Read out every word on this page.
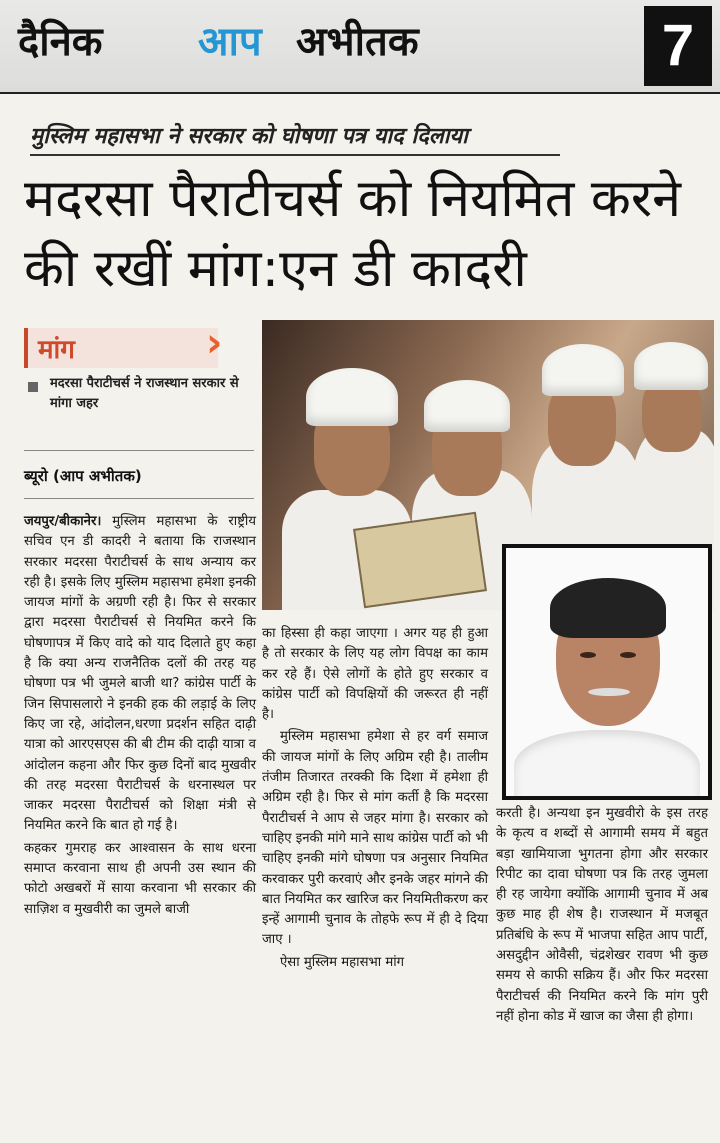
दैनिक आप अभीतक	7
मुस्लिम महासभा ने सरकार को घोषणा पत्र याद दिलाया
मदरसा पैराटीचर्स को नियमित करने
की रखीं मांग:एन डी कादरी
मांग	›
मदरसा पैराटीचर्स ने राजस्थान सरकार से मांगा जहर
ब्यूरो (आप अभीतक)

जयपुर/बीकानेर। मुस्लिम महासभा के राष्ट्रीय सचिव एन डी कादरी ने बताया कि राजस्थान सरकार मदरसा पैराटीचर्स के साथ अन्याय कर रही है। इसके लिए मुस्लिम महासभा हमेशा इनकी जायज मांगों के अग्रणी रही है। फिर से सरकार द्वारा मदरसा पैराटीचर्स से नियमित करने कि घोषणापत्र में किए वादे को याद दिलाते हुए कहा है कि क्या अन्य राजनैतिक दलों की तरह यह घोषणा पत्र भी जुमले बाजी था? कांग्रेस पार्टी के जिन सिपासलारो ने इनकी हक की लड़ाई के लिए किए जा रहे, आंदोलन,धरणा प्रदर्शन सहित दाढ़ी यात्रा को आरएसएस की बी टीम की दाढ़ी यात्रा व आंदोलन कहना और फिर कुछ दिनों बाद मुखवीर की तरह मदरसा पैराटीचर्स के धरनास्थल पर जाकर मदरसा पैराटीचर्स को शिक्षा मंत्री से नियमित करने कि बात हो गई है।

कहकर गुमराह कर आश्वासन के साथ धरना समाप्त करवाना साथ ही अपनी उस स्थान की फोटो अखबरों में साया करवाना भी सरकार की साज़िश व मुखवीरी का जुमले बाजी

का हिस्सा ही कहा जाएगा । अगर यह ही हुआ है तो सरकार के लिए यह लोग विपक्ष का काम कर रहे हैं। ऐसे लोगों के होते हुए सरकार व कांग्रेस पार्टी को विपक्षियों की जरूरत ही नहीं है।

मुस्लिम महासभा हमेशा से हर वर्ग समाज की जायज मांगों के लिए अग्रिम रही है। तालीम तंजीम तिजारत तरक्की कि दिशा में हमेशा ही अग्रिम रही है। फिर से मांग कर्ती है कि मदरसा पैराटीचर्स ने आप से जहर मांगा है। सरकार को चाहिए इनकी मांगे माने साथ कांग्रेस पार्टी को भी चाहिए इनकी मांगे घोषणा पत्र अनुसार नियमित करवाकर पुरी करवाएं और इनके जहर मांगने की बात नियमित कर खारिज कर नियमितीकरण कर इन्हें आगामी चुनाव के तोहफे रूप में ही दे दिया जाए ।

ऐसा मुस्लिम महासभा मांग

करती है। अन्यथा इन मुखवीरो के इस तरह के कृत्य व शब्दों से आगामी समय में बहुत बड़ा खामियाजा भुगतना होगा और सरकार रिपीट का दावा घोषणा पत्र कि तरह जुमला ही रह जायेगा क्योंकि आगामी चुनाव में अब कुछ माह ही शेष है। राजस्थान में मजबूत प्रतिबंधि के रूप में भाजपा सहित आप पार्टी, असदुद्दीन ओवैसी, चंद्रशेखर रावण भी कुछ समय से काफी सक्रिय हैं। और फिर मदरसा पैराटीचर्स की नियमित करने कि मांग पुरी नहीं होना कोड में खाज का जैसा ही होगा।
